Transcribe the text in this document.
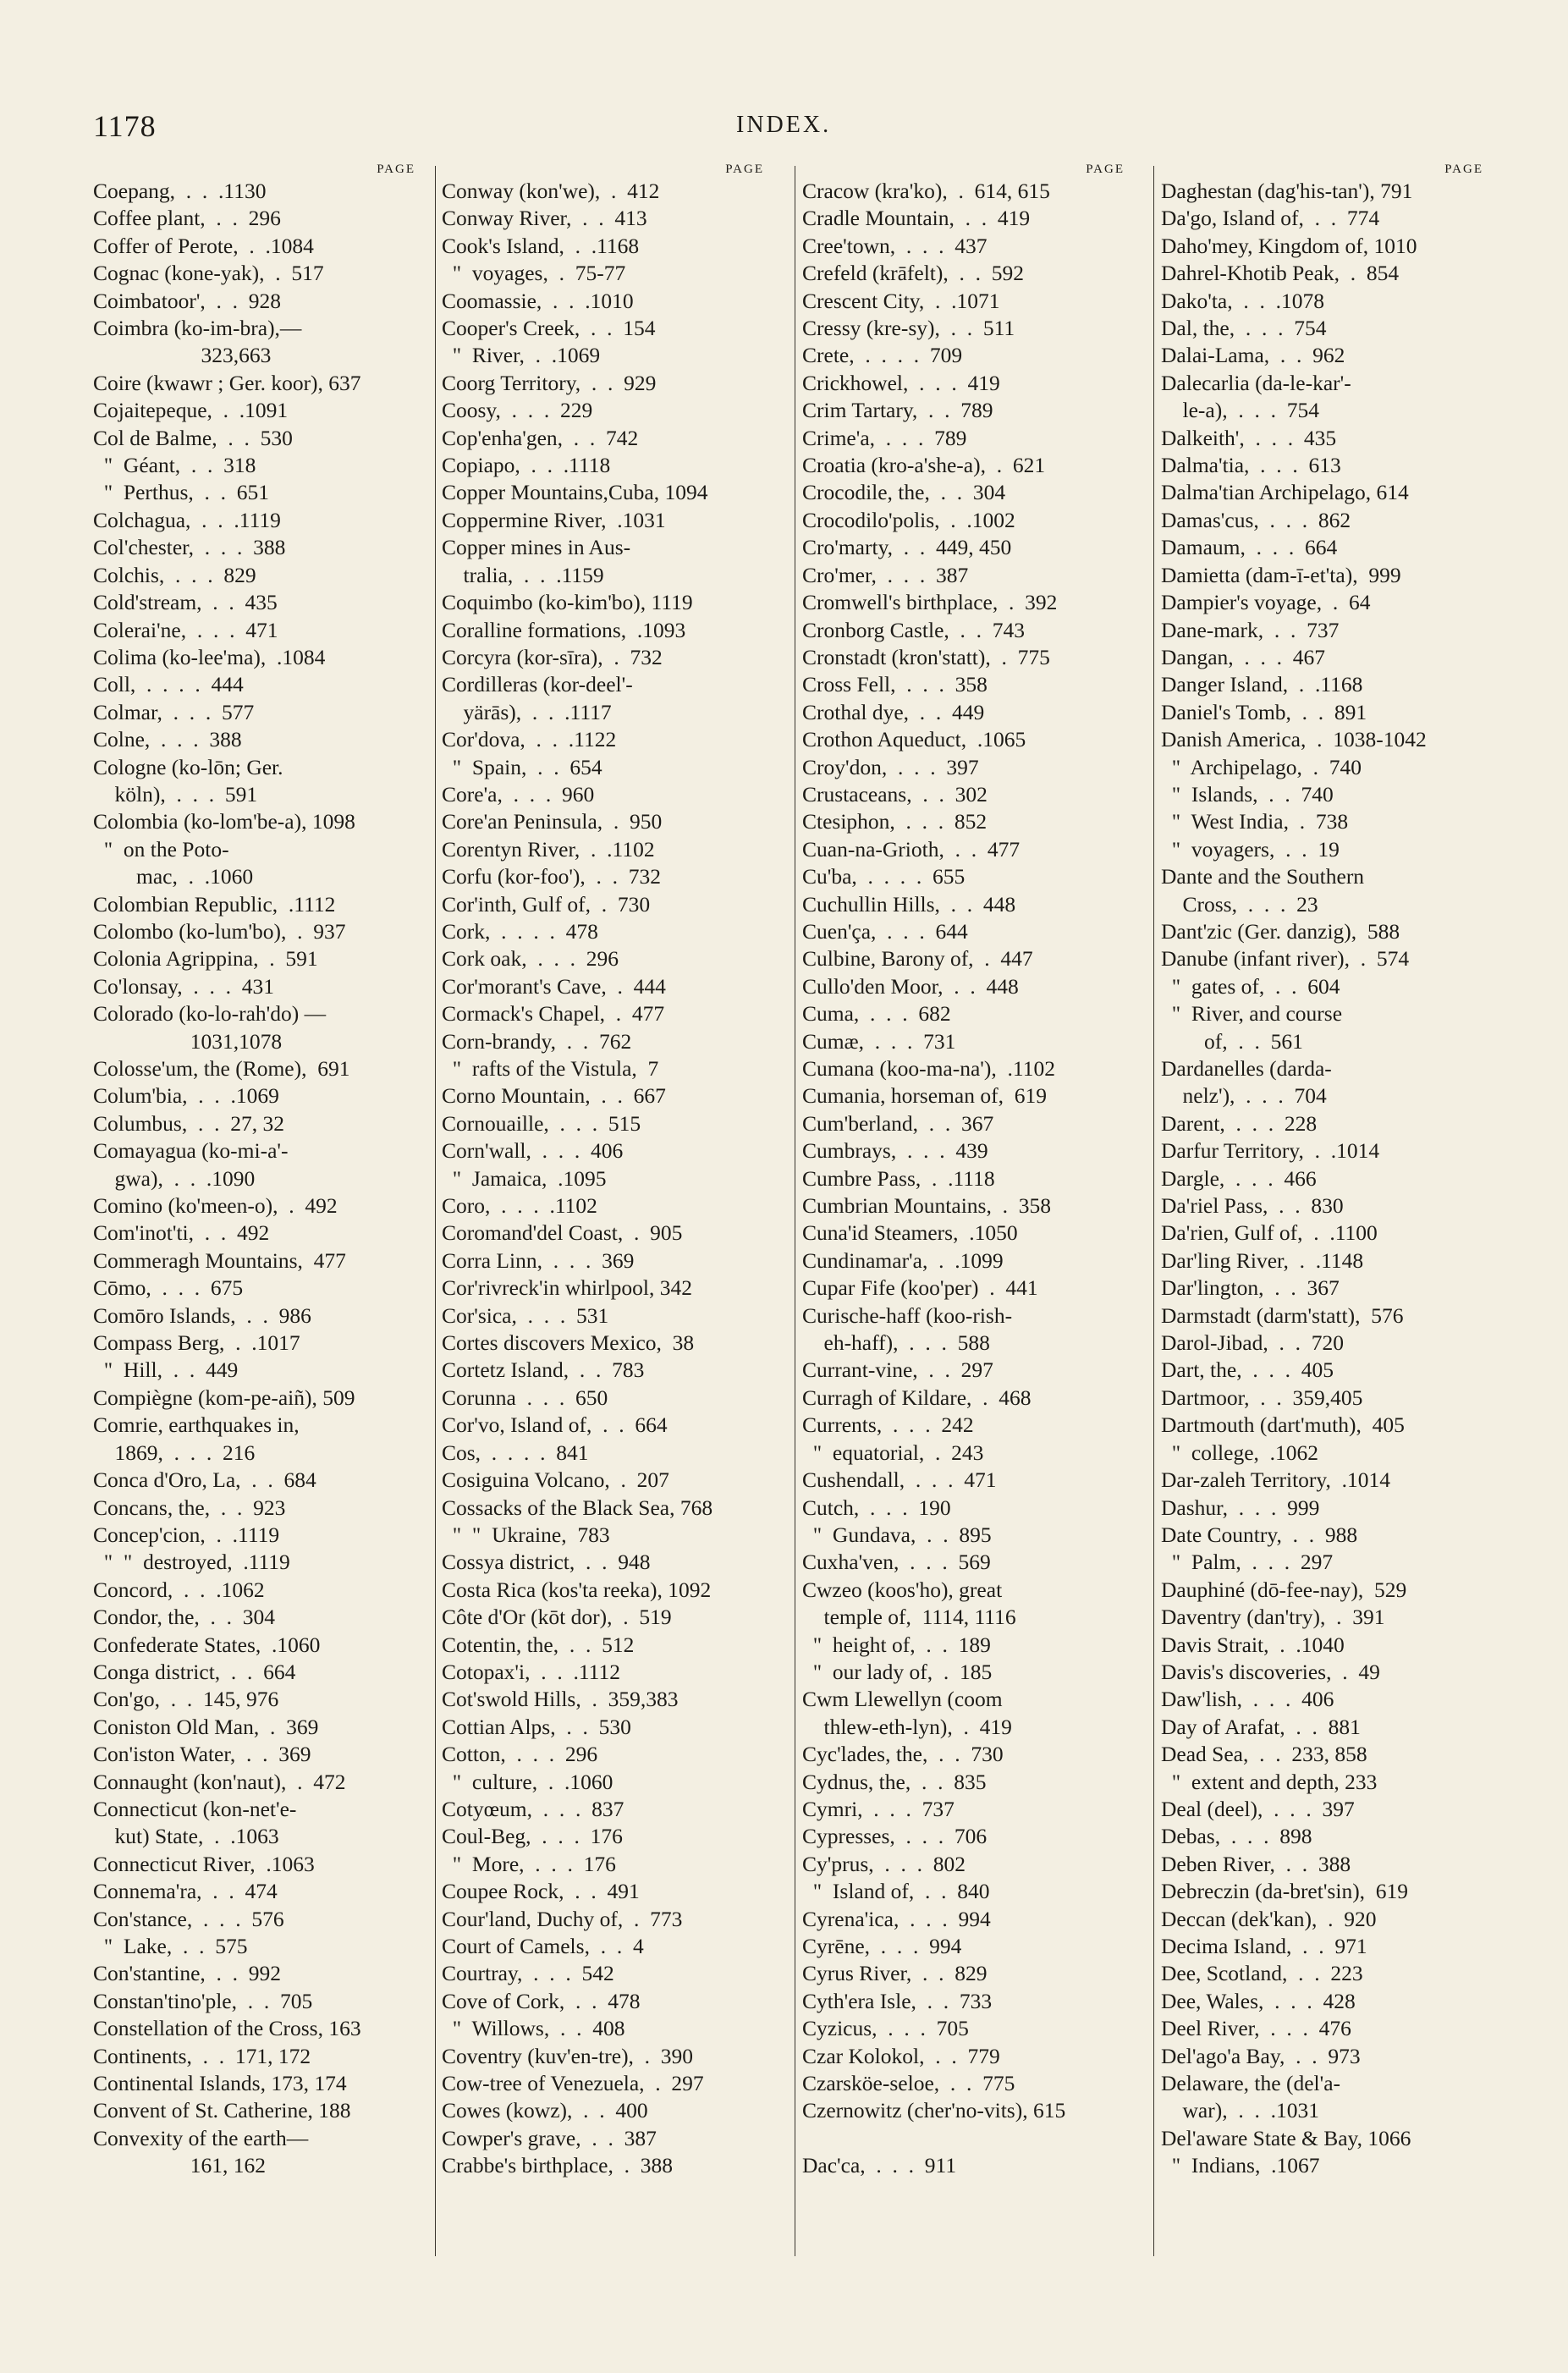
1178	INDEX.
PAGE
Coepang,  .  .  .1130
Coffee plant,  .  .  296
Coffer of Perote,  .  .1084
Cognac (kone-yak),  .  517
Coimbatoor',  .  .  928
Coimbra (ko-im-bra),—
323,663
Coire (kwawr ; Ger. koor), 637
Cojaitepeque,  .  .1091
Col de Balme,  .  .  530
"  Géant,  .  .  318
"  Perthus,  .  .  651
Colchagua,  .  .  .1119
Col'chester,  .  .  .  388
Colchis,  .  .  .  829
Cold'stream,  .  .  435
Colerai'ne,  .  .  .  471
Colima (ko-lee'ma),  .1084
Coll,  .  .  .  .  444
Colmar,  .  .  .  577
Colne,  .  .  .  388
Cologne (ko-lōn; Ger.
köln),  .  .  .  591
Colombia (ko-lom'be-a), 1098
"  on the Poto-
mac,  .  .1060
Colombian Republic,  .1112
Colombo (ko-lum'bo),  .  937
Colonia Agrippina,  .  591
Co'lonsay,  .  .  .  431
Colorado (ko-lo-rah'do) —
1031,1078
Colosse'um, the (Rome),  691
Colum'bia,  .  .  .1069
Columbus,  .  .  27, 32
Comayagua (ko-mi-a'-
gwa),  .  .  .1090
Comino (ko'meen-o),  .  492
Com'inot'ti,  .  .  492
Commeragh Mountains,  477
Cōmo,  .  .  .  675
Comōro Islands,  .  .  986
Compass Berg,  .  .1017
"  Hill,  .  .  449
Compiègne (kom-pe-aiñ), 509
Comrie, earthquakes in,
1869,  .  .  .  216
Conca d'Oro, La,  .  .  684
Concans, the,  .  .  923
Concep'cion,  .  .1119
"  "  destroyed,  .1119
Concord,  .  .  .1062
Condor, the,  .  .  304
Confederate States,  .1060
Conga district,  .  .  664
Con'go,  .  .  145, 976
Coniston Old Man,  .  369
Con'iston Water,  .  .  369
Connaught (kon'naut),  .  472
Connecticut (kon-net'e-
kut) State,  .  .1063
Connecticut River,  .1063
Connema'ra,  .  .  474
Con'stance,  .  .  .  576
"  Lake,  .  .  575
Con'stantine,  .  .  992
Constan'tino'ple,  .  .  705
Constellation of the Cross, 163
Continents,  .  .  171, 172
Continental Islands, 173, 174
Convent of St. Catherine, 188
Convexity of the earth—
161, 162
PAGE
Conway (kon'we),  .  412
Conway River,  .  .  413
Cook's Island,  .  .1168
"  voyages,  .  75-77
Coomassie,  .  .  .1010
Cooper's Creek,  .  .  154
"  River,  .  .1069
Coorg Territory,  .  .  929
Coosy,  .  .  .  229
Cop'enha'gen,  .  .  742
Copiapo,  .  .  .1118
Copper Mountains,Cuba, 1094
Coppermine River,  .1031
Copper mines in Aus-
tralia,  .  .  .1159
Coquimbo (ko-kim'bo), 1119
Coralline formations,  .1093
Corcyra (kor-sīra),  .  732
Cordilleras (kor-deel'-
yärās),  .  .  .1117
Cor'dova,  .  .  .1122
"  Spain,  .  .  654
Core'a,  .  .  .  960
Core'an Peninsula,  .  950
Corentyn River,  .  .1102
Corfu (kor-foo'),  .  .  732
Cor'inth, Gulf of,  .  730
Cork,  .  .  .  .  478
Cork oak,  .  .  .  296
Cor'morant's Cave,  .  444
Cormack's Chapel,  .  477
Corn-brandy,  .  .  762
"  rafts of the Vistula,  7
Corno Mountain,  .  .  667
Cornouaille,  .  .  .  515
Corn'wall,  .  .  .  406
"  Jamaica,  .1095
Coro,  .  .  .  .1102
Coromand'del Coast,  .  905
Corra Linn,  .  .  .  369
Cor'rivreck'in whirlpool, 342
Cor'sica,  .  .  .  531
Cortes discovers Mexico,  38
Cortetz Island,  .  .  783
Corunna  .  .  .  650
Cor'vo, Island of,  .  .  664
Cos,  .  .  .  .  841
Cosiguina Volcano,  .  207
Cossacks of the Black Sea, 768
"  "  Ukraine,  783
Cossya district,  .  .  948
Costa Rica (kos'ta reeka), 1092
Côte d'Or (kōt dor),  .  519
Cotentin, the,  .  .  512
Cotopax'i,  .  .  .1112
Cot'swold Hills,  .  359,383
Cottian Alps,  .  .  530
Cotton,  .  .  .  296
"  culture,  .  .1060
Cotyœum,  .  .  .  837
Coul-Beg,  .  .  .  176
"  More,  .  .  .  176
Coupee Rock,  .  .  491
Cour'land, Duchy of,  .  773
Court of Camels,  .  .  4
Courtray,  .  .  .  542
Cove of Cork,  .  .  478
"  Willows,  .  .  408
Coventry (kuv'en-tre),  .  390
Cow-tree of Venezuela,  .  297
Cowes (kowz),  .  .  400
Cowper's grave,  .  .  387
Crabbe's birthplace,  .  388
PAGE
Cracow (kra'ko),  .  614, 615
Cradle Mountain,  .  .  419
Cree'town,  .  .  .  437
Crefeld (krāfelt),  .  .  592
Crescent City,  .  .1071
Cressy (kre-sy),  .  .  511
Crete,  .  .  .  .  709
Crickhowel,  .  .  .  419
Crim Tartary,  .  .  789
Crime'a,  .  .  .  789
Croatia (kro-a'she-a),  .  621
Crocodile, the,  .  .  304
Crocodilo'polis,  .  .1002
Cro'marty,  .  .  449, 450
Cro'mer,  .  .  .  387
Cromwell's birthplace,  .  392
Cronborg Castle,  .  .  743
Cronstadt (kron'statt),  .  775
Cross Fell,  .  .  .  358
Crothal dye,  .  .  449
Crothon Aqueduct,  .1065
Croy'don,  .  .  .  397
Crustaceans,  .  .  302
Ctesiphon,  .  .  .  852
Cuan-na-Grioth,  .  .  477
Cu'ba,  .  .  .  .  655
Cuchullin Hills,  .  .  448
Cuen'ça,  .  .  .  644
Culbine, Barony of,  .  447
Cullo'den Moor,  .  .  448
Cuma,  .  .  .  682
Cumæ,  .  .  .  731
Cumana (koo-ma-na'),  .1102
Cumania, horseman of,  619
Cum'berland,  .  .  367
Cumbrays,  .  .  .  439
Cumbre Pass,  .  .1118
Cumbrian Mountains,  .  358
Cuna'id Steamers,  .1050
Cundinamar'a,  .  .1099
Cupar Fife (koo'per)  .  441
Curische-haff (koo-rish-
eh-haff),  .  .  .  588
Currant-vine,  .  .  297
Curragh of Kildare,  .  468
Currents,  .  .  .  242
"  equatorial,  .  243
Cushendall,  .  .  .  471
Cutch,  .  .  .  190
"  Gundava,  .  .  895
Cuxha'ven,  .  .  .  569
Cwzeo (koos'ho), great
temple of,  1114, 1116
"  height of,  .  .  189
"  our lady of,  .  185
Cwm Llewellyn (coom
thlew-eth-lyn),  .  419
Cyc'lades, the,  .  .  730
Cydnus, the,  .  .  835
Cymri,  .  .  .  737
Cypresses,  .  .  .  706
Cy'prus,  .  .  .  802
"  Island of,  .  .  840
Cyrena'ica,  .  .  .  994
Cyrēne,  .  .  .  994
Cyrus River,  .  .  829
Cyth'era Isle,  .  .  733
Cyzicus,  .  .  .  705
Czar Kolokol,  .  .  779
Czarsköe-seloe,  .  .  775
Czernowitz (cher'no-vits), 615

Dac'ca,  .  .  .  911
PAGE
Daghestan (dag'his-tan'), 791
Da'go, Island of,  .  .  774
Daho'mey, Kingdom of, 1010
Dahrel-Khotib Peak,  .  854
Dako'ta,  .  .  .1078
Dal, the,  .  .  .  754
Dalai-Lama,  .  .  962
Dalecarlia (da-le-kar'-
le-a),  .  .  .  754
Dalkeith',  .  .  .  435
Dalma'tia,  .  .  .  613
Dalma'tian Archipelago, 614
Damas'cus,  .  .  .  862
Damaum,  .  .  .  664
Damietta (dam-ī-et'ta),  999
Dampier's voyage,  .  64
Dane-mark,  .  .  737
Dangan,  .  .  .  467
Danger Island,  .  .1168
Daniel's Tomb,  .  .  891
Danish America,  .  1038-1042
"  Archipelago,  .  740
"  Islands,  .  .  740
"  West India,  .  738
"  voyagers,  .  .  19
Dante and the Southern
Cross,  .  .  .  23
Dant'zic (Ger. danzig),  588
Danube (infant river),  .  574
"  gates of,  .  .  604
"  River, and course
of,  .  .  561
Dardanelles (darda-
nelz'),  .  .  .  704
Darent,  .  .  .  228
Darfur Territory,  .  .1014
Dargle,  .  .  .  466
Da'riel Pass,  .  .  830
Da'rien, Gulf of,  .  .1100
Dar'ling River,  .  .1148
Dar'lington,  .  .  367
Darmstadt (darm'statt),  576
Darol-Jibad,  .  .  720
Dart, the,  .  .  .  405
Dartmoor,  .  .  359,405
Dartmouth (dart'muth),  405
"  college,  .1062
Dar-zaleh Territory,  .1014
Dashur,  .  .  .  999
Date Country,  .  .  988
"  Palm,  .  .  .  297
Dauphiné (dō-fee-nay),  529
Daventry (dan'try),  .  391
Davis Strait,  .  .1040
Davis's discoveries,  .  49
Daw'lish,  .  .  .  406
Day of Arafat,  .  .  881
Dead Sea,  .  .  233, 858
"  extent and depth, 233
Deal (deel),  .  .  .  397
Debas,  .  .  .  898
Deben River,  .  .  388
Debreczin (da-bret'sin),  619
Deccan (dek'kan),  .  920
Decima Island,  .  .  971
Dee, Scotland,  .  .  223
Dee, Wales,  .  .  .  428
Deel River,  .  .  .  476
Del'ago'a Bay,  .  .  973
Delaware, the (del'a-
war),  .  .  .1031
Del'aware State & Bay, 1066
"  Indians,  .1067
